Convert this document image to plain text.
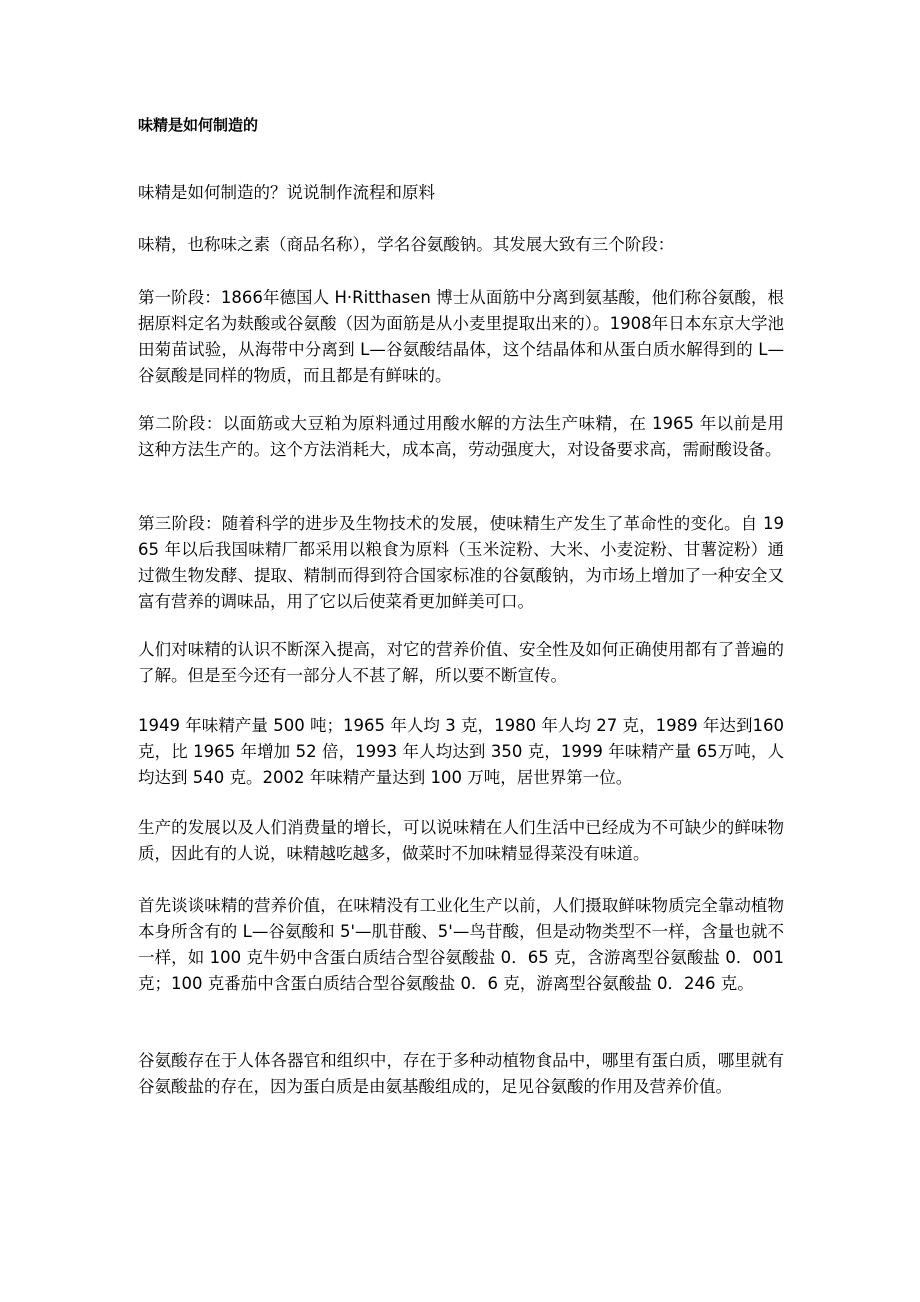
味精是如何制造的
味精是如何制造的？说说制作流程和原料
味精，也称味之素（商品名称），学名谷氨酸钠。其发展大致有三个阶段：
第一阶段：1866年德国人 H·Ritthasen 博士从面筋中分离到氨基酸，他们称谷氨酸，根据原料定名为麸酸或谷氨酸（因为面筋是从小麦里提取出来的）。1908年日本东京大学池田菊苗试验，从海带中分离到 L—谷氨酸结晶体，这个结晶体和从蛋白质水解得到的 L—谷氨酸是同样的物质，而且都是有鲜味的。
第二阶段：以面筋或大豆粕为原料通过用酸水解的方法生产味精，在 1965 年以前是用这种方法生产的。这个方法消耗大，成本高，劳动强度大，对设备要求高，需耐酸设备。
第三阶段：随着科学的进步及生物技术的发展，使味精生产发生了革命性的变化。自 1965 年以后我国味精厂都采用以粮食为原料（玉米淀粉、大米、小麦淀粉、甘薯淀粉）通过微生物发酵、提取、精制而得到符合国家标准的谷氨酸钠，为市场上增加了一种安全又富有营养的调味品，用了它以后使菜肴更加鲜美可口。
人们对味精的认识不断深入提高，对它的营养价值、安全性及如何正确使用都有了普遍的了解。但是至今还有一部分人不甚了解，所以要不断宣传。
1949 年味精产量 500 吨；1965 年人均 3 克，1980 年人均 27 克，1989 年达到160 克，比 1965 年增加 52 倍，1993 年人均达到 350 克，1999 年味精产量 65万吨，人均达到 540 克。2002 年味精产量达到 100 万吨，居世界第一位。
生产的发展以及人们消费量的增长，可以说味精在人们生活中已经成为不可缺少的鲜味物质，因此有的人说，味精越吃越多，做菜时不加味精显得菜没有味道。
首先谈谈味精的营养价值，在味精没有工业化生产以前，人们摄取鲜味物质完全靠动植物本身所含有的 L—谷氨酸和 5'—肌苷酸、5'—鸟苷酸，但是动物类型不一样，含量也就不一样，如 100 克牛奶中含蛋白质结合型谷氨酸盐 0．65 克，含游离型谷氨酸盐 0．001 克；100 克番茄中含蛋白质结合型谷氨酸盐 0．6 克，游离型谷氨酸盐 0．246 克。
谷氨酸存在于人体各器官和组织中，存在于多种动植物食品中，哪里有蛋白质，哪里就有谷氨酸盐的存在，因为蛋白质是由氨基酸组成的，足见谷氨酸的作用及营养价值。
